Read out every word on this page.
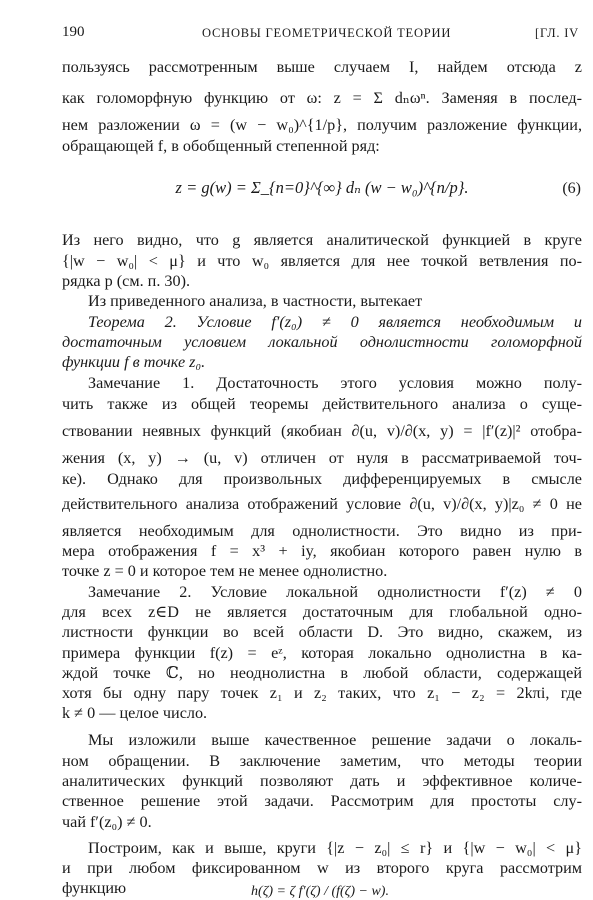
190	ОСНОВЫ ГЕОМЕТРИЧЕСКОЙ ТЕОРИИ	[ГЛ. IV
пользуясь рассмотренным выше случаем I, найдем отсюда z
как голоморфную функцию от ω: z = Σ dₙωⁿ. Заменяя в послед-
нем разложении ω = (w − w₀)^{1/p}, получим разложение функции,
обращающей f, в обобщенный степенной ряд:
z = g(w) = Σ_{n=0}^{∞} dₙ (w − w₀)^{n/p}.	(6)
Из него видно, что g является аналитической функцией в круге
{|w − w₀| < μ} и что w₀ является для нее точкой ветвления по-
рядка p (см. п. 30).
Из приведенного анализа, в частности, вытекает
Теорема 2. Условие f′(z₀) ≠ 0 является необходимым и
достаточным условием локальной однолистности голоморфной
функции f в точке z₀.
Замечание 1. Достаточность этого условия можно полу-
чить также из общей теоремы действительного анализа о суще-
ствовании неявных функций (якобиан ∂(u, v)/∂(x, y) = |f′(z)|² отобра-
жения (x, y) → (u, v) отличен от нуля в рассматриваемой точ-
ке). Однако для произвольных дифференцируемых в смысле
действительного анализа отображений условие ∂(u, v)/∂(x, y)|z₀ ≠ 0 не
является необходимым для однолистности. Это видно из при-
мера отображения f = x³ + iy, якобиан которого равен нулю в
точке z = 0 и которое тем не менее однолистно.
Замечание 2. Условие локальной однолистности f′(z) ≠ 0
для всех z∈D не является достаточным для глобальной одно-
листности функции во всей области D. Это видно, скажем, из
примера функции f(z) = eᶻ, которая локально однолистна в ка-
ждой точке ℂ, но неоднолистна в любой области, содержащей
хотя бы одну пару точек z₁ и z₂ таких, что z₁ − z₂ = 2kπi, где
k ≠ 0 — целое число.
Мы изложили выше качественное решение задачи о локаль-
ном обращении. В заключение заметим, что методы теории
аналитических функций позволяют дать и эффективное количе-
ственное решение этой задачи. Рассмотрим для простоты слу-
чай f′(z₀) ≠ 0.
Построим, как и выше, круги {|z − z₀| ≤ r} и {|w − w₀| < μ}
и при любом фиксированном w из второго круга рассмотрим
функцию	h(ζ) = ζ f′(ζ) / (f(ζ) − w).
